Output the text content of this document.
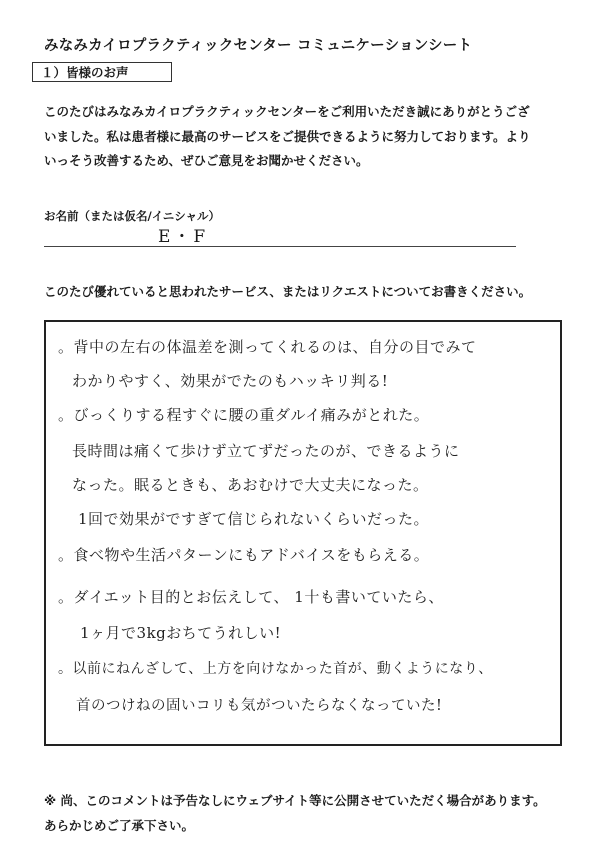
みなみカイロプラクティックセンター コミュニケーションシート
１）皆様のお声
このたびはみなみカイロプラクティックセンターをご利用いただき誠にありがとうござ
いました。私は患者様に最高のサービスをご提供できるように努力しております。より
いっそう改善するため、ぜひご意見をお聞かせください。
お名前（または仮名/イニシャル）
E・F
このたび優れていると思われたサービス、またはリクエストについてお書きください。
。背中の左右の体温差を測ってくれるのは、自分の目でみて
わかりやすく、効果がでたのもハッキリ判る!
。びっくりする程すぐに腰の重ダルイ痛みがとれた。
長時間は痛くて歩けず立てずだったのが、できるように
なった。眠るときも、あおむけで大丈夫になった。
1回で効果がですぎて信じられないくらいだった。
。食べ物や生活パターンにもアドバイスをもらえる。
。ダイエット目的とお伝えして、 1十も書いていたら、
1ヶ月で3kgおちてうれしい!
。以前にねんざして、上方を向けなかった首が、動くようになり、
首のつけねの固いコリも気がついたらなくなっていた!
※ 尚、このコメントは予告なしにウェブサイト等に公開させていただく場合があります。
あらかじめご了承下さい。
